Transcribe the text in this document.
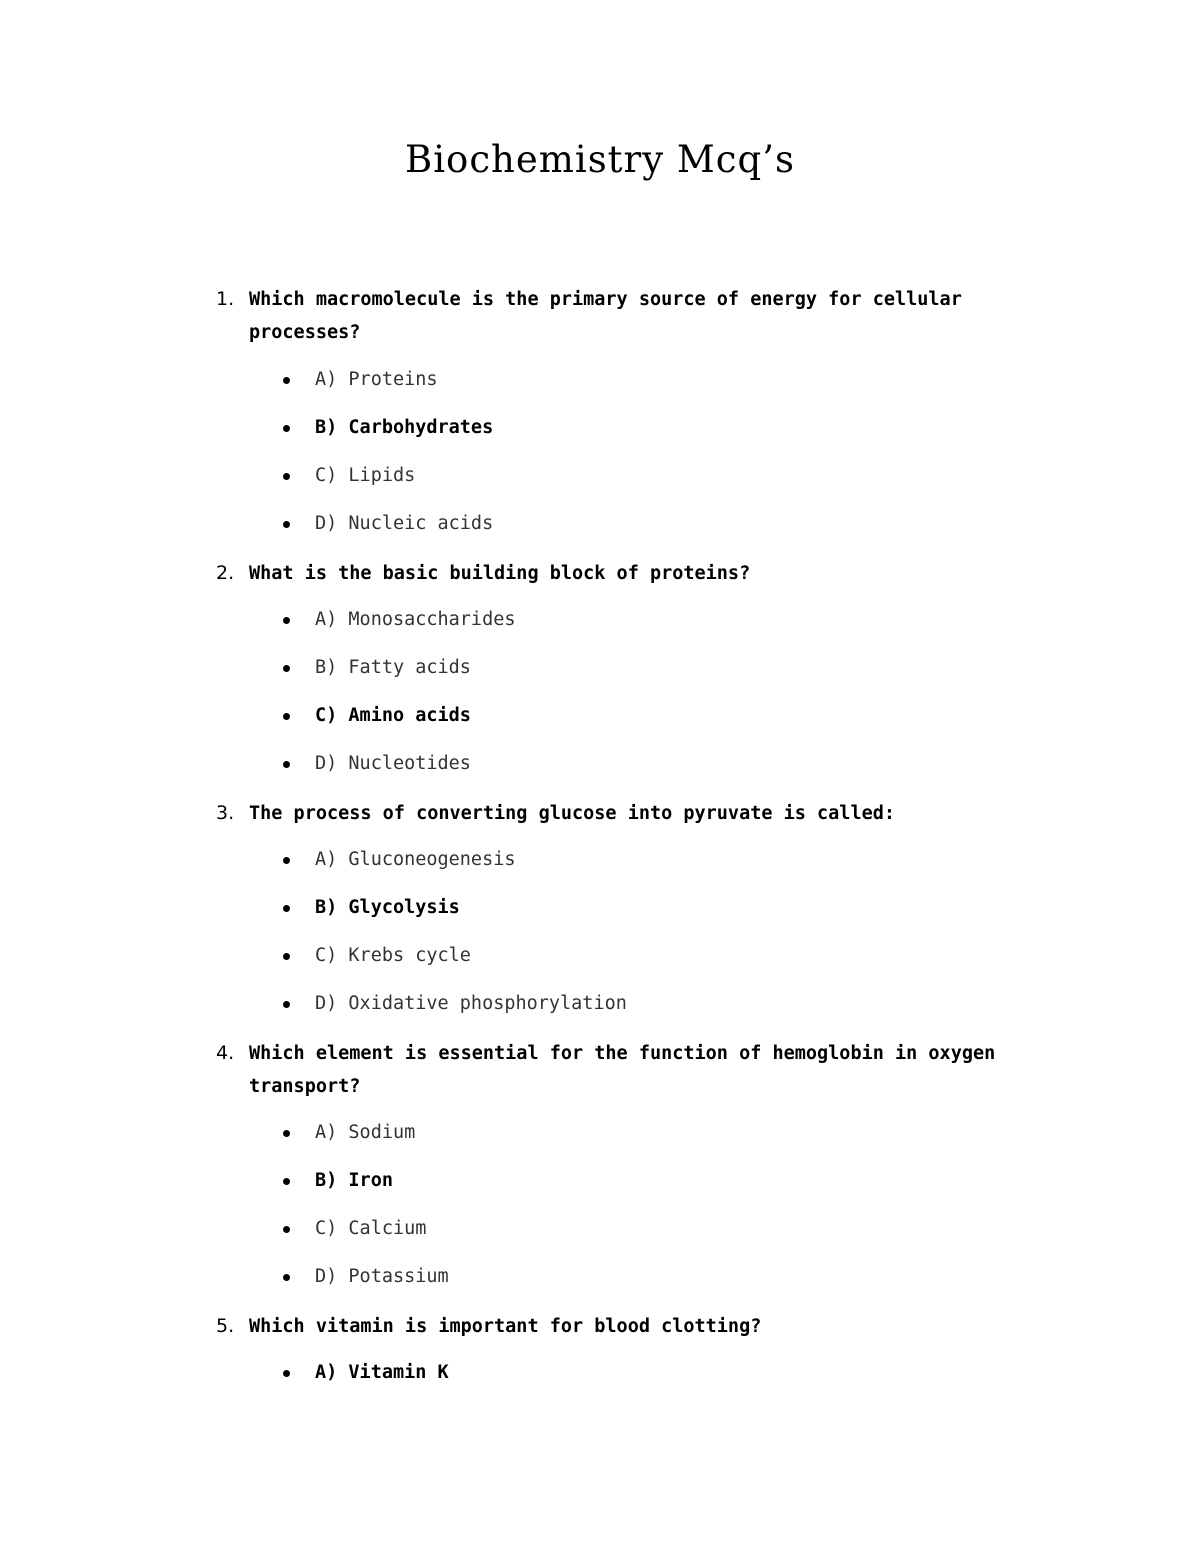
Biochemistry Mcq’s
1. Which macromolecule is the primary source of energy for cellular processes?
A) Proteins
B) Carbohydrates
C) Lipids
D) Nucleic acids
2. What is the basic building block of proteins?
A) Monosaccharides
B) Fatty acids
C) Amino acids
D) Nucleotides
3. The process of converting glucose into pyruvate is called:
A) Gluconeogenesis
B) Glycolysis
C) Krebs cycle
D) Oxidative phosphorylation
4. Which element is essential for the function of hemoglobin in oxygen transport?
A) Sodium
B) Iron
C) Calcium
D) Potassium
5. Which vitamin is important for blood clotting?
A) Vitamin K
